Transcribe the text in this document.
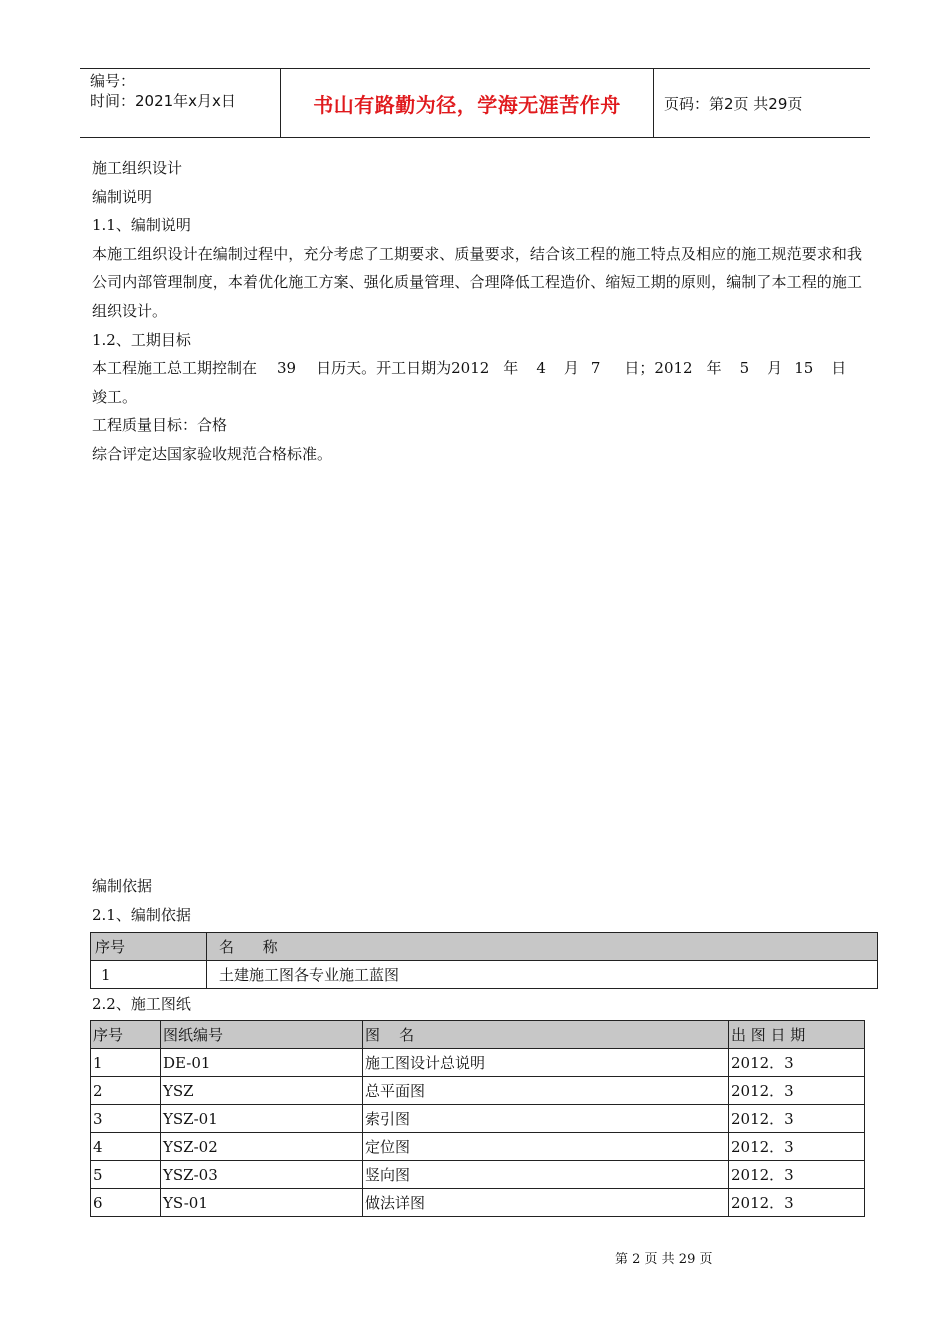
编号：
时间：2021年x月x日	书山有路勤为径，学海无涯苦作舟	页码：第2页 共29页

施工组织设计

编制说明

1.1、编制说明

本施工组织设计在编制过程中，充分考虑了工期要求、质量要求，结合该工程的施工特点及相应的施工规范要求和我公司内部管理制度，本着优化施工方案、强化质量管理、合理降低工程造价、缩短工期的原则，编制了本工程的施工组织设计。

1.2、工期目标

本工程施工总工期控制在 39 日历天。开工日期为2012 年 4 月 7 日；2012 年 5 月 15 日

竣工。

工程质量目标：合格

综合评定达国家验收规范合格标准。

编制依据

2.1、编制依据

序号	名      称
1	土建施工图各专业施工蓝图
2.2、施工图纸
序号	图纸编号	图    名	出 图 日 期
1	DE-01	施工图设计总说明	2012．3
2	YSZ	总平面图	2012．3
3	YSZ-01	索引图	2012．3
4	YSZ-02	定位图	2012．3
5	YSZ-03	竖向图	2012．3
6	YS-01	做法详图	2012．3
第 2 页 共 29 页
